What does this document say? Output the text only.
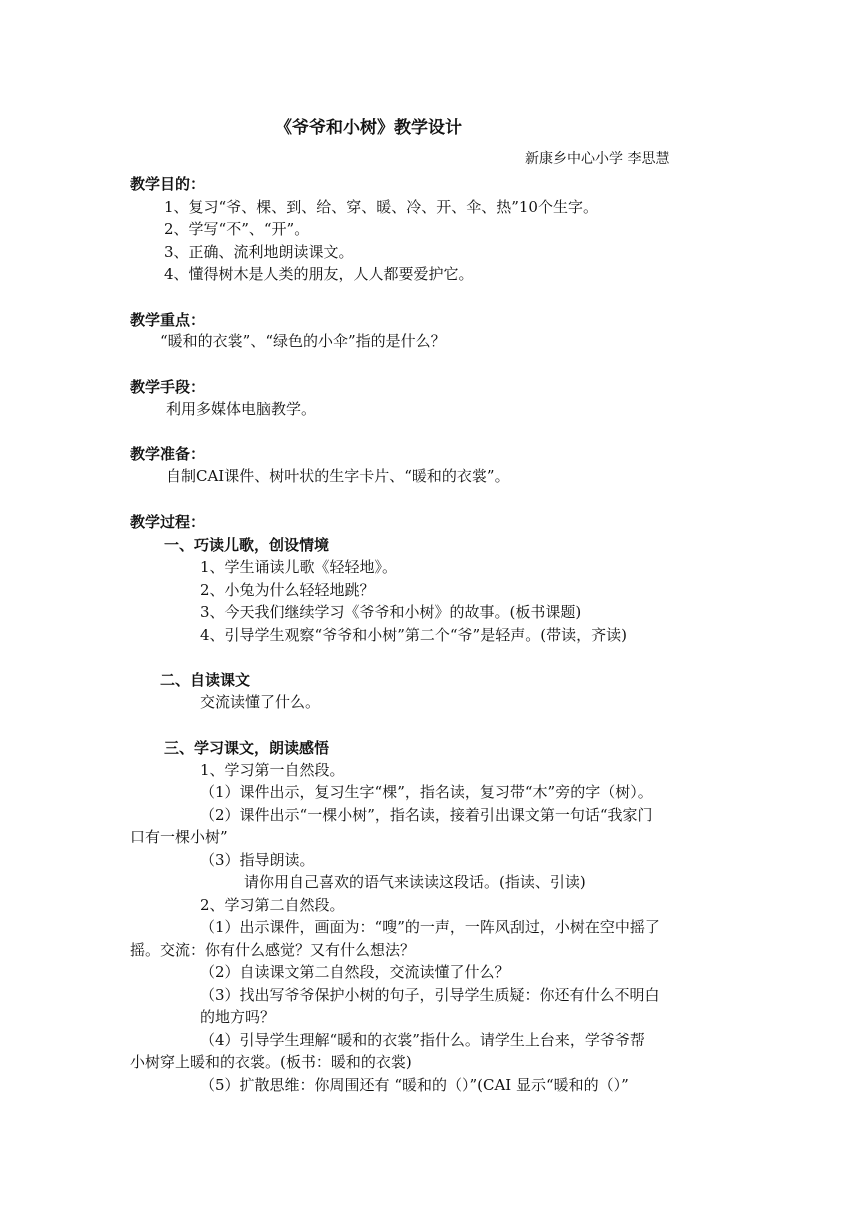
《爷爷和小树》教学设计
新康乡中心小学 李思慧
教学目的：
1、复习“爷、棵、到、给、穿、暖、冷、开、伞、热”10个生字。
2、学写“不”、“开”。
3、正确、流利地朗读课文。
4、懂得树木是人类的朋友，人人都要爱护它。
教学重点：
“暖和的衣裳”、“绿色的小伞”指的是什么？
教学手段：
利用多媒体电脑教学。
教学准备：
自制CAI课件、树叶状的生字卡片、“暖和的衣裳”。
教学过程：
一、巧读儿歌，创设情境
1、学生诵读儿歌《轻轻地》。
2、小兔为什么轻轻地跳？
3、今天我们继续学习《爷爷和小树》的故事。(板书课题)
4、引导学生观察“爷爷和小树”第二个“爷”是轻声。(带读，齐读)
二、自读课文
交流读懂了什么。
三、学习课文，朗读感悟
1、学习第一自然段。
（1）课件出示，复习生字“棵”，指名读，复习带“木”旁的字（树）。
（2）课件出示“一棵小树”，指名读，接着引出课文第一句话“我家门
口有一棵小树”
（3）指导朗读。
请你用自己喜欢的语气来读读这段话。(指读、引读)
2、学习第二自然段。
（1）出示课件，画面为：“嗖”的一声，一阵风刮过，小树在空中摇了
摇。交流：你有什么感觉？又有什么想法？
（2）自读课文第二自然段，交流读懂了什么？
（3）找出写爷爷保护小树的句子，引导学生质疑：你还有什么不明白
的地方吗？
（4）引导学生理解“暖和的衣裳”指什么。请学生上台来，学爷爷帮
小树穿上暖和的衣裳。(板书：暖和的衣裳)
（5）扩散思维：你周围还有 “暖和的（）”(CAI 显示“暖和的（）”
